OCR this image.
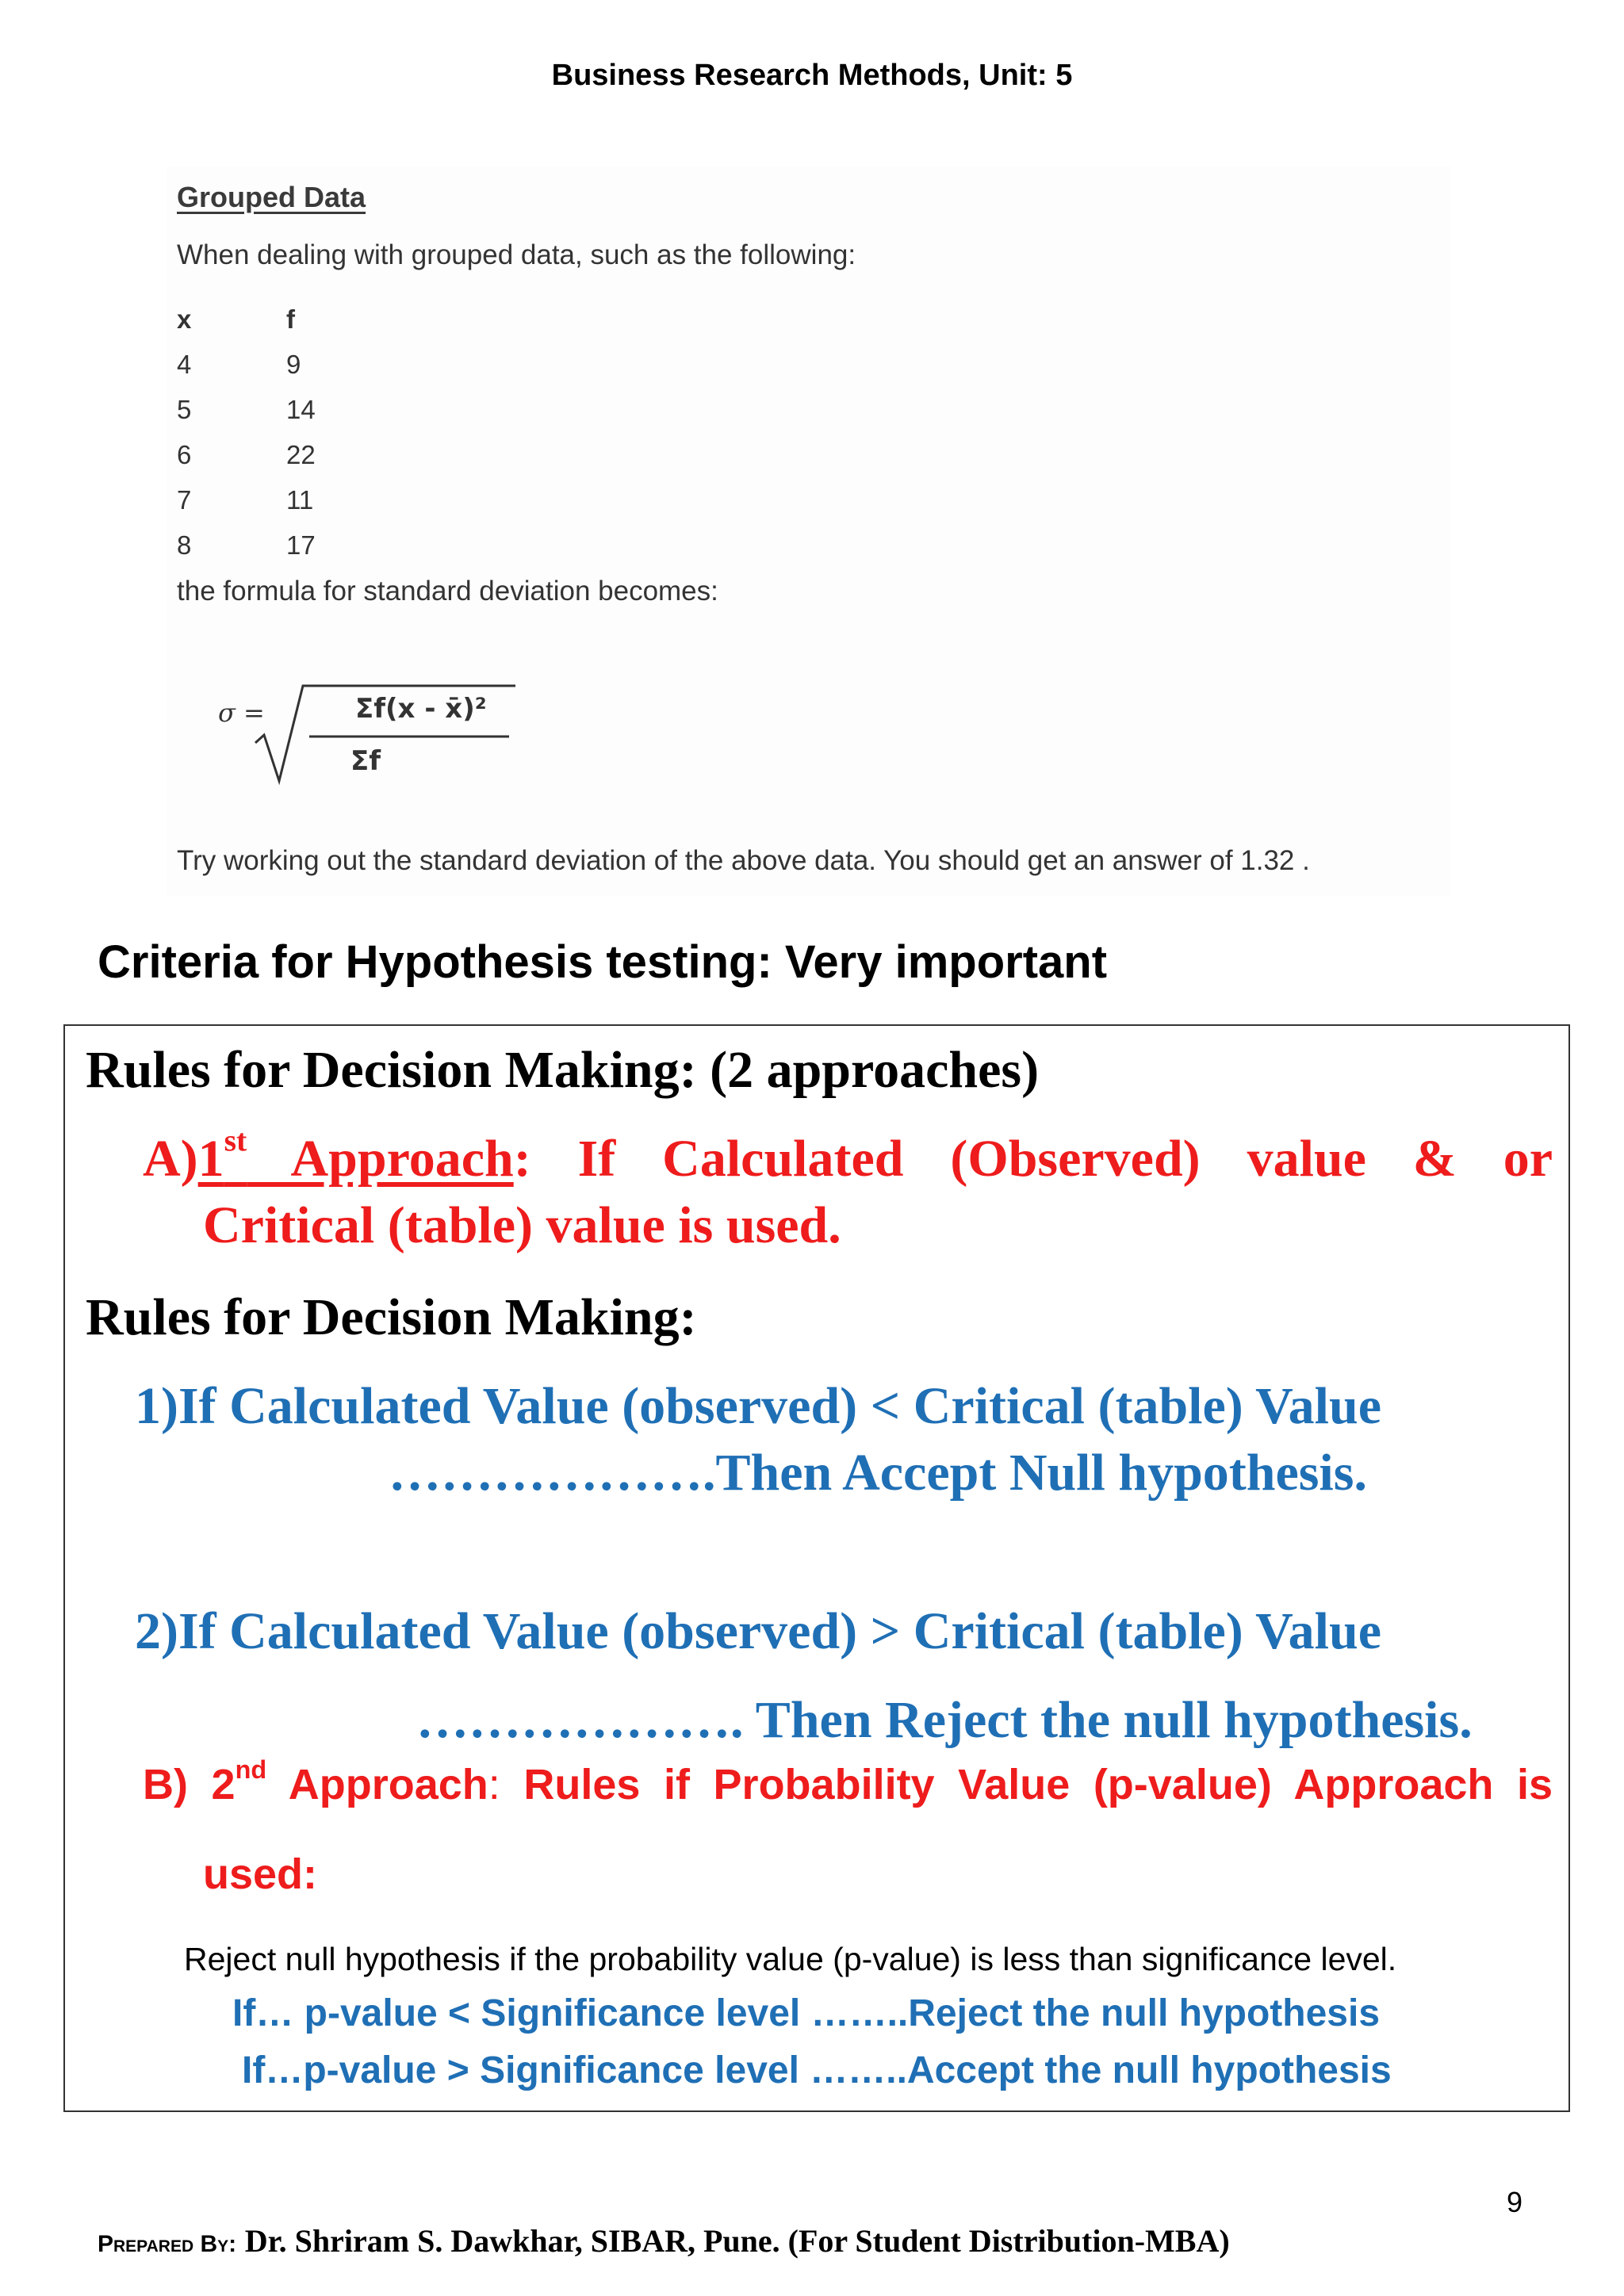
Business Research Methods, Unit: 5
Grouped Data
When dealing with grouped data, such as the following:
x	f
4	9
5	14
6	22
7	11
8	17
the formula for standard deviation becomes:
σ =	Σf(x - x̄)²
Σf
Try working out the standard deviation of the above data. You should get an answer of 1.32 .
Criteria for Hypothesis testing: Very important
Rules for Decision Making: (2 approaches)
A)1st Approach: If Calculated (Observed) value & or
Critical (table) value is used.
Rules for Decision Making:
1)If Calculated Value (observed) < Critical (table) Value
……………….Then Accept Null hypothesis.
2)If Calculated Value (observed) > Critical (table) Value
………………. Then Reject the null hypothesis.
B) 2nd Approach: Rules if Probability Value (p-value) Approach is
used:
Reject null hypothesis if the probability value (p-value) is less than significance level.
If… p-value < Significance level ……..Reject the null hypothesis
If…p-value > Significance level ……..Accept the null hypothesis
9
Prepared By: Dr. Shriram S. Dawkhar, SIBAR, Pune. (For Student Distribution-MBA)
